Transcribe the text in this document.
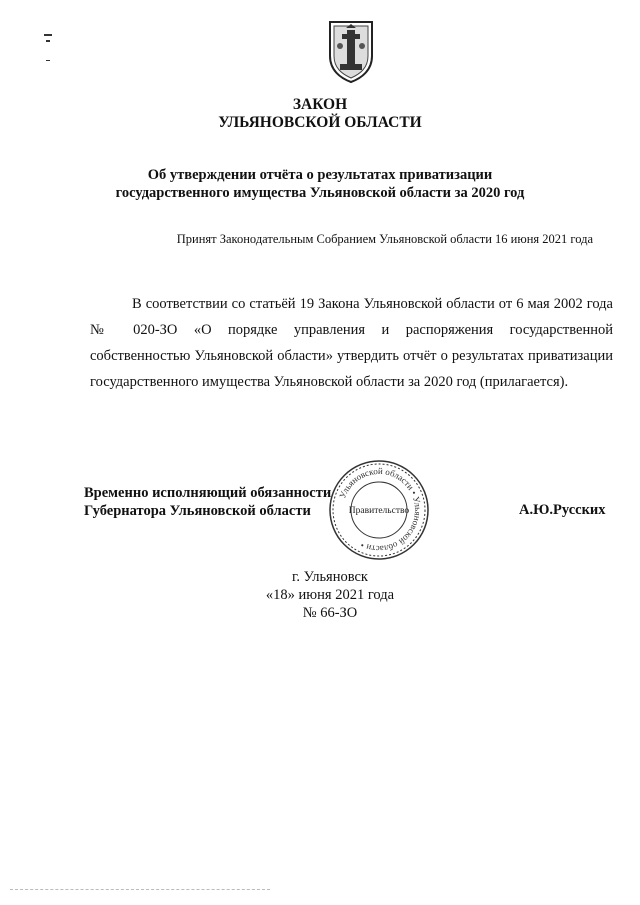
ЗАКОН
УЛЬЯНОВСКОЙ ОБЛАСТИ
Об утверждении отчёта о результатах приватизации
государственного имущества Ульяновской области за 2020 год
Принят Законодательным Собранием Ульяновской области 16 июня 2021 года
В соответствии со статьёй 19 Закона Ульяновской области от 6 мая 2002 года № 020-ЗО «О порядке управления и распоряжения государственной собственностью Ульяновской области» утвердить отчёт о результатах приватизации государственного имущества Ульяновской области за 2020 год (прилагается).
Временно исполняющий обязанности
Губернатора Ульяновской области	А.Ю.Русских
Ульяновской области • Ульяновской области •
Правительство
г. Ульяновск
«18» июня 2021 года
№ 66-ЗО
